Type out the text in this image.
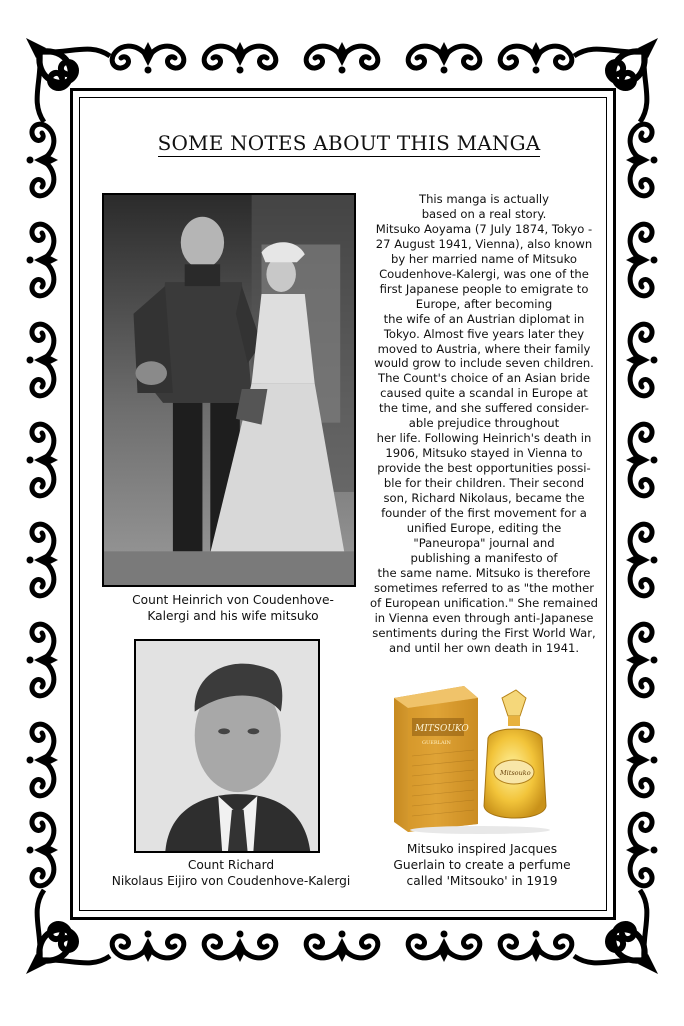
SOME NOTES ABOUT THIS MANGA
Count Heinrich von Coudenhove-
Kalergi and his wife mitsuko
This manga is actually
based on a real story.
Mitsuko Aoyama (7 July 1874, Tokyo -
27 August 1941, Vienna), also known
by her married name of Mitsuko
Coudenhove-Kalergi, was one of the
first Japanese people to emigrate to
Europe, after becoming
the wife of an Austrian diplomat in
Tokyo. Almost five years later they
moved to Austria, where their family
would grow to include seven children.
The Count's choice of an Asian bride
caused quite a scandal in Europe at
the time, and she suffered consider-
able prejudice throughout
her life. Following Heinrich's death in
1906, Mitsuko stayed in Vienna to
provide the best opportunities possi-
ble for their children. Their second
son, Richard Nikolaus, became the
founder of the first movement for a
unified Europe, editing the
"Paneuropa" journal and
publishing a manifesto of
the same name. Mitsuko is therefore
sometimes referred to as "the mother
of European unification." She remained
in Vienna even through anti-Japanese
sentiments during the First World War,
and until her own death in 1941.
Count Richard
Nikolaus Eijiro von Coudenhove-Kalergi
MITSOUKO
GUERLAIN
Mitsouko
Mitsuko inspired Jacques
Guerlain to create a perfume
called 'Mitsouko' in 1919
